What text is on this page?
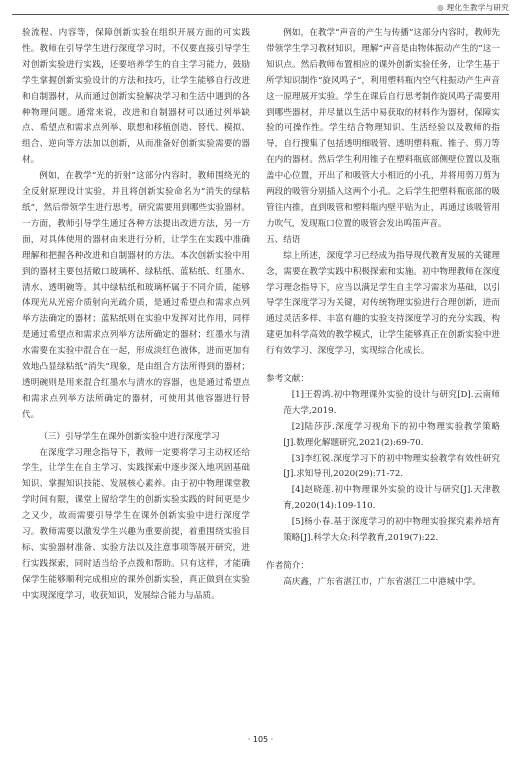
◎ 理化生教学与研究

验流程、内容等，保障创新实验在组织开展方面的可实践性。教师在引导学生进行深度学习时，不仅要直接引导学生对创新实验进行实践，还要培养学生的自主学习能力，鼓励学生掌握创新实验设计的方法和技巧，让学生能够自行改进和自制器材，从而通过创新实验解决学习和生活中遇到的各种物理问题。通常来说，改进和自制器材可以通过列举缺点、希望点和需求点列举、联想和移植创造、替代、模拟、组合、逆向等方法加以创新，从而准备好创新实验需要的器材。

例如，在教学“光的折射”这部分内容时，教师围绕光的全反射原理设计实验，并且将创新实验命名为“消失的绿粘纸”，然后带领学生进行思考，研究需要用到哪些实验器材。一方面，教师引导学生通过各种方法提出改进方法，另一方面，对具体使用的器材由来进行分析，让学生在实践中准确理解和把握各种改进和自制器材的方法。本次创新实验中用到的器材主要包括敞口玻璃杯、绿粘纸、蓝粘纸、红墨水、清水、透明碗等。其中绿粘纸和玻璃杯属于不同介质，能够体现光从光密介质射向光疏介质，是通过希望点和需求点列举方法确定的器材；蓝粘纸则在实验中发挥对比作用，同样是通过希望点和需求点列举方法所确定的器材；红墨水与清水需要在实验中混合在一起，形成淡红色液体，进而更加有效地凸显绿粘纸“消失”现象，是由组合方法所得到的器材；透明碗则是用来混合红墨水与清水的容器，也是通过希望点和需求点列举方法所确定的器材，可使用其他容器进行替代。

（三）引导学生在课外创新实验中进行深度学习

在深度学习理念指导下，教师一定要将学习主动权还给学生，让学生在自主学习、实践探索中逐步深入地巩固基础知识、掌握知识技能、发展核心素养。由于初中物理课堂教学时间有限，课堂上留给学生的创新实验实践的时间更是少之又少，故而需要引导学生在课外创新实验中进行深度学习。教师需要以激发学生兴趣为重要前提，着重围绕实验目标、实验器材准备、实验方法以及注意事项等展开研究，进行实践探索，同时适当给予点拨和帮助。只有这样，才能确保学生能够顺利完成相应的课外创新实验，真正做到在实验中实现深度学习，收获知识，发展综合能力与品质。

例如，在教学“声音的产生与传播”这部分内容时，教师先带领学生学习教材知识，理解“声音是由物体振动产生的”这一知识点。然后教师布置相应的课外创新实验任务，让学生基于所学知识制作“旋风鸣子”，利用塑料瓶内空气柱振动产生声音这一原理展开实验。学生在课后自行思考制作旋风鸣子需要用到哪些器材，并尽量以生活中易获取的材料作为器材，保障实验的可操作性。学生结合物理知识、生活经验以及教师的指导，自行搜集了包括透明细吸管、透明塑料瓶、锥子、剪刀等在内的器材。然后学生利用锥子在塑料瓶底部侧壁位置以及瓶盖中心位置，开出了和吸管大小相近的小孔，并将用剪刀剪为两段的吸管分别插入这两个小孔。之后学生把塑料瓶底部的吸管往内推，直到吸管和塑料瓶内壁平贴为止，再通过该吸管用力吹气，发现瓶口位置的吸管会发出鸣笛声音。

五、结语

综上所述，深度学习已经成为指导现代教育发展的关键理念，需要在教学实践中积极探索和实施。初中物理教师在深度学习理念指导下，应当以满足学生自主学习需求为基础，以引导学生深度学习为关键，对传统物理实验进行合理创新，进而通过灵活多样、丰富有趣的实验支持深度学习的充分实践，构建更加科学高效的教学模式，让学生能够真正在创新实验中进行有效学习、深度学习，实现综合化成长。

参考文献：

[1]王碧鸿.初中物理课外实验的设计与研究[D].云南师范大学,2019.

[2]陆莎莎.深度学习视角下的初中物理实验教学策略[J].数理化解题研究,2021(2):69-70.

[3]李红锐.深度学习下的初中物理实验教学有效性研究[J].求知导刊,2020(29):71-72.

[4]赵晓莲.初中物理课外实验的设计与研究[J].天津教育,2020(14):109-110.

[5]杨小春.基于深度学习的初中物理实验探究素养培育策略[J].科学大众:科学教育,2019(7):22.

作者简介：

高庆鑫，广东省湛江市，广东省湛江二中港城中学。

· 105 ·
